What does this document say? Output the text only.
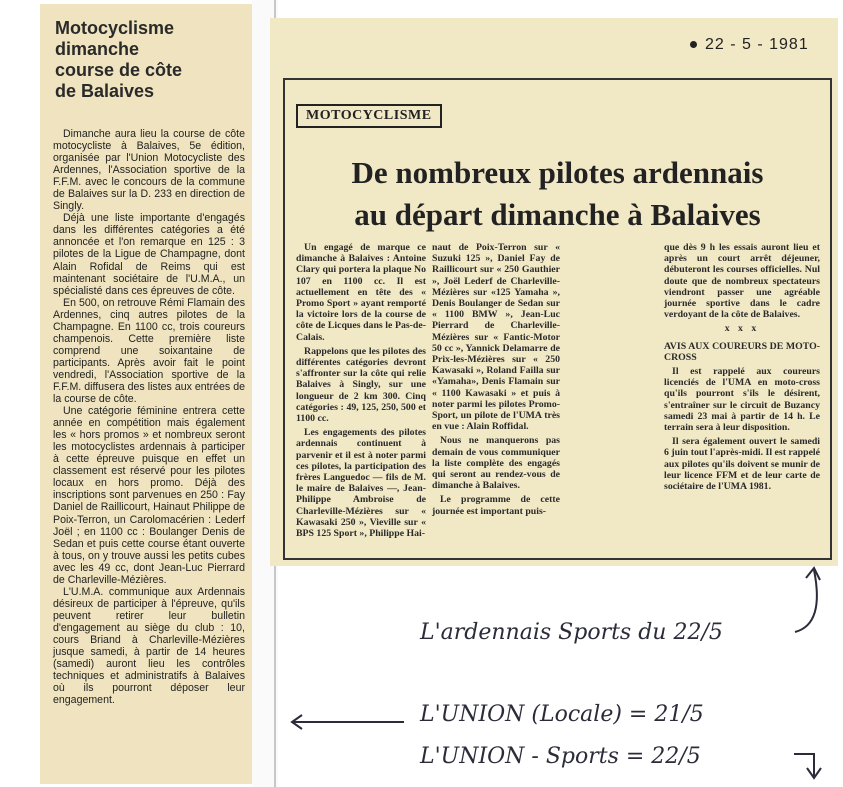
Motocyclisme
dimanche
course de côte
de Balaives

Dimanche aura lieu la course de côte motocycliste à Balaives, 5e édition, organisée par l'Union Motocycliste des Ardennes, l'Association sportive de la F.F.M. avec le concours de la commune de Balaives sur la D. 233 en direction de Singly.

Déjà une liste importante d'engagés dans les différentes catégories a été annoncée et l'on remarque en 125 : 3 pilotes de la Ligue de Champagne, dont Alain Rofidal de Reims qui est maintenant sociétaire de l'U.M.A., un spécialisté dans ces épreuves de côte.

En 500, on retrouve Rémi Flamain des Ardennes, cinq autres pilotes de la Champagne. En 1100 cc, trois coureurs champenois. Cette première liste comprend une soixantaine de participants. Après avoir fait le point vendredi, l'Association sportive de la F.F.M. diffusera des listes aux entrées de la course de côte.

Une catégorie féminine entrera cette année en compétition mais également les « hors promos » et nombreux seront les motocyclistes ardennais à participer à cette épreuve puisque en effet un classement est réservé pour les pilotes locaux en hors promo. Déjà des inscriptions sont parvenues en 250 : Fay Daniel de Raillicourt, Hainaut Philippe de Poix-Terron, un Carolomacérien : Lederf Joël ; en 1100 cc : Boulanger Denis de Sedan et puis cette course étant ouverte à tous, on y trouve aussi les petits cubes avec les 49 cc, dont Jean-Luc Pierrard de Charleville-Mézières.

L'U.M.A. communique aux Ardennais désireux de participer à l'épreuve, qu'ils peuvent retirer leur bulletin d'engagement au siège du club : 10, cours Briand à Charleville-Mézières jusque samedi, à partir de 14 heures (samedi) auront lieu les contrôles techniques et administratifs à Balaives où ils pourront déposer leur engagement.

22 - 5 - 1981
MOTOCYCLISME
De nombreux pilotes ardennais
au départ dimanche à Balaives

Un engagé de marque ce dimanche à Balaives : Antoine Clary qui portera la plaque No 107 en 1100 cc. Il est actuellement en tête des « Promo Sport » ayant remporté la victoire lors de la course de côte de Licques dans le Pas-de-Calais.

Rappelons que les pilotes des différentes catégories devront s'affronter sur la côte qui relie Balaives à Singly, sur une longueur de 2 km 300. Cinq catégories : 49, 125, 250, 500 et 1100 cc.

Les engagements des pilotes ardennais continuent à parvenir et il est à noter parmi ces pilotes, la participation des frères Languedoc — fils de M. le maire de Balaives —, Jean-Philippe Ambroise de Charleville-Mézières sur « Kawasaki 250 », Vieville sur « BPS 125 Sport », Philippe Hai-

naut de Poix-Terron sur « Suzuki 125 », Daniel Fay de Raillicourt sur « 250 Gauthier », Joël Lederf de Charleville-Mézières sur «125 Yamaha », Denis Boulanger de Sedan sur « 1100 BMW », Jean-Luc Pierrard de Charleville-Mézières sur « Fantic-Motor 50 cc », Yannick Delamarre de Prix-les-Mézières sur « 250 Kawasaki », Roland Failla sur «Yamaha», Denis Flamain sur « 1100 Kawasaki » et puis à noter parmi les pilotes Promo-Sport, un pilote de l'UMA très en vue : Alain Roffidal.

Nous ne manquerons pas demain de vous communiquer la liste complète des engagés qui seront au rendez-vous de dimanche à Balaives.

Le programme de cette journée est important puis-

que dès 9 h les essais auront lieu et après un court arrêt déjeuner, débuteront les courses officielles. Nul doute que de nombreux spectateurs viendront passer une agréable journée sportive dans le cadre verdoyant de la côte de Balaives.

x x x

AVIS AUX COUREURS DE MOTO-CROSS

Il est rappelé aux coureurs licenciés de l'UMA en moto-cross qu'ils pourront s'ils le désirent, s'entraîner sur le circuit de Buzancy samedi 23 mai à partir de 14 h. Le terrain sera à leur disposition.

Il sera également ouvert le samedi 6 juin tout l'après-midi. Il est rappelé aux pilotes qu'ils doivent se munir de leur licence FFM et de leur carte de sociétaire de l'UMA 1981.

L'ardennais Sports du 22/5
L'UNION (Locale) = 21/5
L'UNION - Sports = 22/5
